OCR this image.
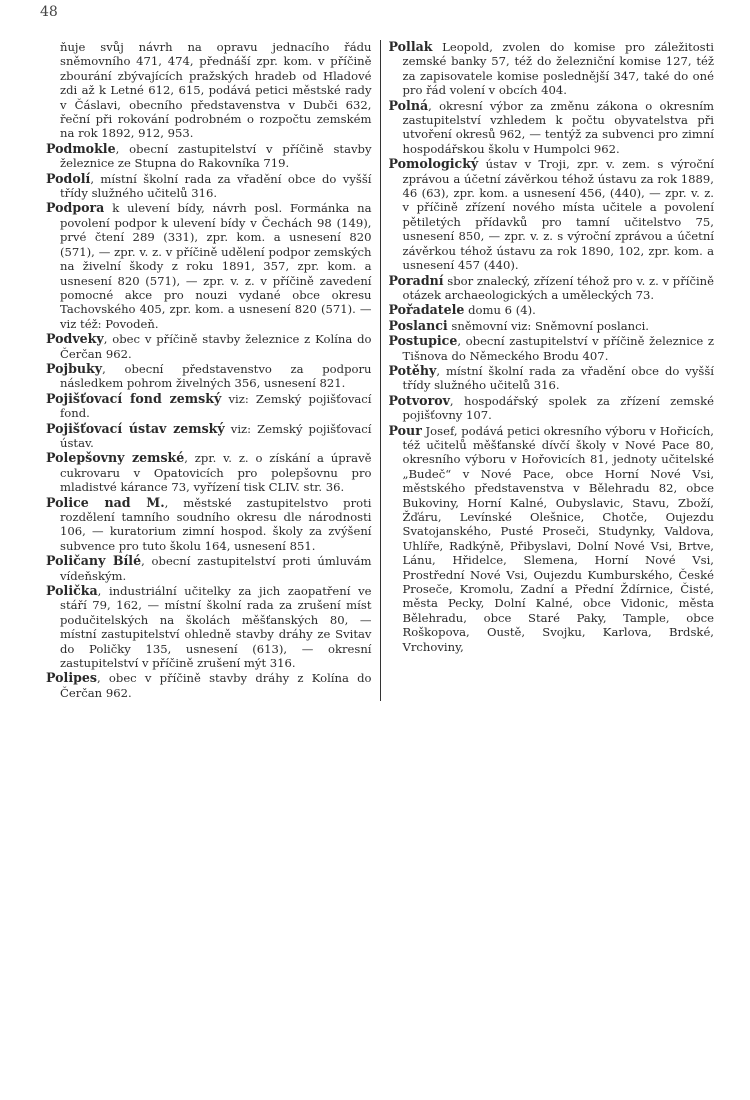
48

ňuje svůj návrh na opravu jednacího řádu sněmovního 471, 474, přednáší zpr. kom. v příčině zbourání zbývajících pražských hradeb od Hladové zdi až k Letné 612, 615, podává petici městské rady v Čáslavi, obecního představenstva v Dubči 632, řeční při rokování podrobném o rozpočtu zemském na rok 1892, 912, 953.

Podmokle, obecní zastupitelství v příčině stavby železnice ze Stupna do Rakovníka 719.

Podolí, místní školní rada za vřadění obce do vyšší třídy služného učitelů 316.

Podpora k ulevení bídy, návrh posl. Formánka na povolení podpor k ulevení bídy v Čechách 98 (149), prvé čtení 289 (331), zpr. kom. a usnesení 820 (571), — zpr. v. z. v příčině udělení podpor zemských na živelní škody z roku 1891, 357, zpr. kom. a usnesení 820 (571), — zpr. v. z. v příčině zavedení pomocné akce pro nouzi vydané obce okresu Tachovského 405, zpr. kom. a usnesení 820 (571). — viz též: Povodeň.

Podveky, obec v příčině stavby železnice z Kolína do Čerčan 962.

Pojbuky, obecní představenstvo za podporu následkem pohrom živelných 356, usnesení 821.

Pojišťovací fond zemský viz: Zemský pojišťovací fond.

Pojišťovací ústav zemský viz: Zemský pojišťovací ústav.

Polepšovny zemské, zpr. v. z. o získání a úpravě cukrovaru v Opatovicích pro polepšovnu pro mladistvé kárance 73, vyřízení tisk CLIV. str. 36.

Police nad M., městské zastupitelstvo proti rozdělení tamního soudního okresu dle národnosti 106, — kuratorium zimní hospod. školy za zvýšení subvence pro tuto školu 164, usnesení 851.

Poličany Bílé, obecní zastupitelství proti úmluvám vídeňským.

Polička, industriální učitelky za jich zaopatření ve stáří 79, 162, — místní školní rada za zrušení míst podučitelských na školách měšťanských 80, — místní zastupitelství ohledně stavby dráhy ze Svitav do Poličky 135, usnesení (613), — okresní zastupitelství v příčině zrušení mýt 316.

Polipes, obec v příčině stavby dráhy z Kolína do Čerčan 962.

Pollak Leopold, zvolen do komise pro záležitosti zemské banky 57, též do železniční komise 127, též za zapisovatele komise poslednější 347, také do oné pro řád volení v obcích 404.

Polná, okresní výbor za změnu zákona o okresním zastupitelství vzhledem k počtu obyvatelstva při utvoření okresů 962, — tentýž za subvenci pro zimní hospodářskou školu v Humpolci 962.

Pomologický ústav v Troji, zpr. v. zem. s výroční zprávou a účetní závěrkou téhož ústavu za rok 1889, 46 (63), zpr. kom. a usnesení 456, (440), — zpr. v. z. v příčině zřízení nového místa učitele a povolení pětiletých přídavků pro tamní učitelstvo 75, usnesení 850, — zpr. v. z. s výroční zprávou a účetní závěrkou téhož ústavu za rok 1890, 102, zpr. kom. a usnesení 457 (440).

Poradní sbor znalecký, zřízení téhož pro v. z. v příčině otázek archaeologických a uměleckých 73.

Pořadatele domu 6 (4).

Poslanci sněmovní viz: Sněmovní poslanci.

Postupice, obecní zastupitelství v příčině železnice z Tišnova do Německého Brodu 407.

Potěhy, místní školní rada za vřadění obce do vyšší třídy služného učitelů 316.

Potvorov, hospodářský spolek za zřízení zemské pojišťovny 107.

Pour Josef, podává petici okresního výboru v Hořicích, též učitelů měšťanské dívčí školy v Nové Pace 80, okresního výboru v Hořovicích 81, jednoty učitelské „Budeč“ v Nové Pace, obce Horní Nové Vsi, městského představenstva v Bělehradu 82, obce Bukoviny, Horní Kalné, Oubyslavic, Stavu, Zboží, Žďáru, Levínské Olešnice, Chotče, Oujezdu Svatojanského, Pusté Proseči, Studynky, Valdova, Uhlíře, Radkýně, Přibyslavi, Dolní Nové Vsi, Brtve, Lánu, Hřidelce, Slemena, Horní Nové Vsi, Prostřední Nové Vsi, Oujezdu Kumburského, České Proseče, Kromolu, Zadní a Přední Ždírnice, Čisté, města Pecky, Dolní Kalné, obce Vidonic, města Bělehradu, obce Staré Paky, Tample, obce Roškopova, Oustě, Svojku, Karlova, Brdské, Vrchoviny,
